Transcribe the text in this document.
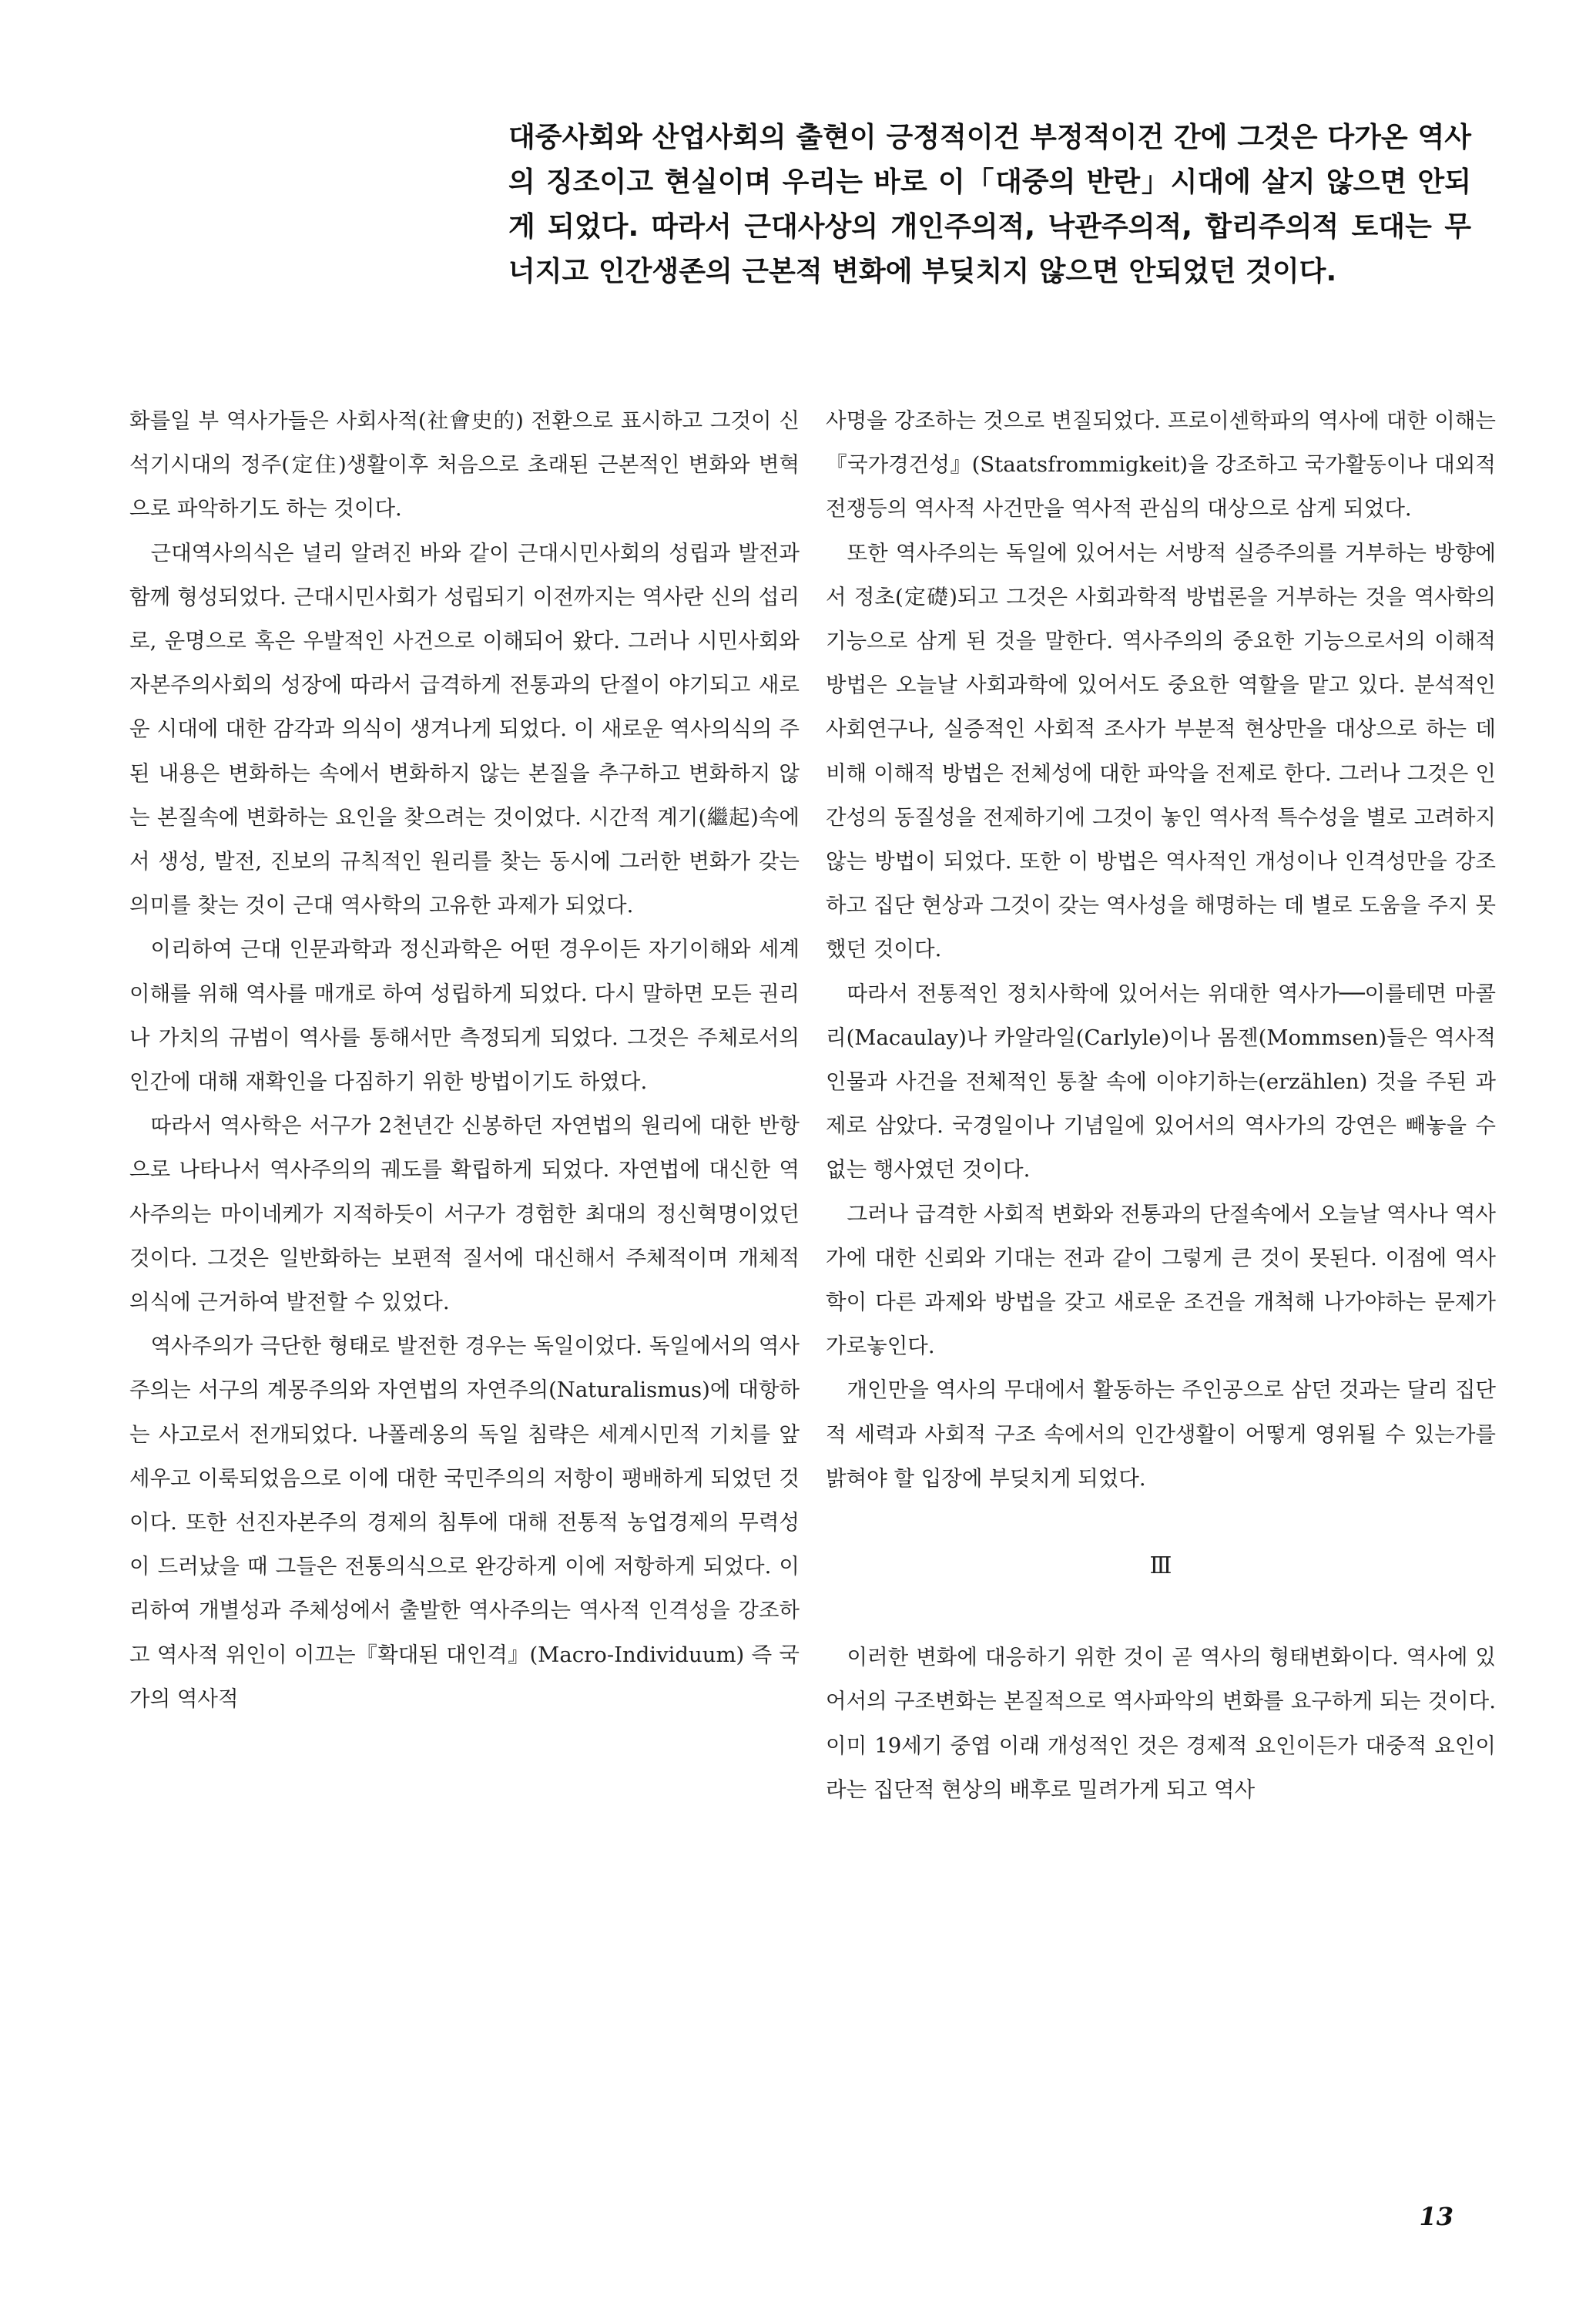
대중사회와 산업사회의 출현이 긍정적이건 부정적이건 간에 그것은 다가온 역사의 징조이고 현실이며 우리는 바로 이「대중의 반란」시대에 살지 않으면 안되게 되었다. 따라서 근대사상의 개인주의적, 낙관주의적, 합리주의적 토대는 무너지고 인간생존의 근본적 변화에 부딪치지 않으면 안되었던 것이다.

화를일 부 역사가들은 사회사적(社會史的) 전환으로 표시하고 그것이 신석기시대의 정주(定住)생활이후 처음으로 초래된 근본적인 변화와 변혁으로 파악하기도 하는 것이다.

근대역사의식은 널리 알려진 바와 같이 근대시민사회의 성립과 발전과 함께 형성되었다. 근대시민사회가 성립되기 이전까지는 역사란 신의 섭리로, 운명으로 혹은 우발적인 사건으로 이해되어 왔다. 그러나 시민사회와 자본주의사회의 성장에 따라서 급격하게 전통과의 단절이 야기되고 새로운 시대에 대한 감각과 의식이 생겨나게 되었다. 이 새로운 역사의식의 주된 내용은 변화하는 속에서 변화하지 않는 본질을 추구하고 변화하지 않는 본질속에 변화하는 요인을 찾으려는 것이었다. 시간적 계기(繼起)속에서 생성, 발전, 진보의 규칙적인 원리를 찾는 동시에 그러한 변화가 갖는 의미를 찾는 것이 근대 역사학의 고유한 과제가 되었다.

이리하여 근대 인문과학과 정신과학은 어떤 경우이든 자기이해와 세계이해를 위해 역사를 매개로 하여 성립하게 되었다. 다시 말하면 모든 권리나 가치의 규범이 역사를 통해서만 측정되게 되었다. 그것은 주체로서의 인간에 대해 재확인을 다짐하기 위한 방법이기도 하였다.

따라서 역사학은 서구가 2천년간 신봉하던 자연법의 원리에 대한 반항으로 나타나서 역사주의의 궤도를 확립하게 되었다. 자연법에 대신한 역사주의는 마이네케가 지적하듯이 서구가 경험한 최대의 정신혁명이었던 것이다. 그것은 일반화하는 보편적 질서에 대신해서 주체적이며 개체적 의식에 근거하여 발전할 수 있었다.

역사주의가 극단한 형태로 발전한 경우는 독일이었다. 독일에서의 역사주의는 서구의 계몽주의와 자연법의 자연주의(Naturalismus)에 대항하는 사고로서 전개되었다. 나폴레옹의 독일 침략은 세계시민적 기치를 앞세우고 이룩되었음으로 이에 대한 국민주의의 저항이 팽배하게 되었던 것이다. 또한 선진자본주의 경제의 침투에 대해 전통적 농업경제의 무력성이 드러났을 때 그들은 전통의식으로 완강하게 이에 저항하게 되었다. 이리하여 개별성과 주체성에서 출발한 역사주의는 역사적 인격성을 강조하고 역사적 위인이 이끄는『확대된 대인격』(Macro-Individuum) 즉 국가의 역사적

사명을 강조하는 것으로 변질되었다. 프로이센학파의 역사에 대한 이해는『국가경건성』(Staatsfrommigkeit)을 강조하고 국가활동이나 대외적 전쟁등의 역사적 사건만을 역사적 관심의 대상으로 삼게 되었다.

또한 역사주의는 독일에 있어서는 서방적 실증주의를 거부하는 방향에서 정초(定礎)되고 그것은 사회과학적 방법론을 거부하는 것을 역사학의 기능으로 삼게 된 것을 말한다. 역사주의의 중요한 기능으로서의 이해적 방법은 오늘날 사회과학에 있어서도 중요한 역할을 맡고 있다. 분석적인 사회연구나, 실증적인 사회적 조사가 부분적 현상만을 대상으로 하는 데 비해 이해적 방법은 전체성에 대한 파악을 전제로 한다. 그러나 그것은 인간성의 동질성을 전제하기에 그것이 놓인 역사적 특수성을 별로 고려하지 않는 방법이 되었다. 또한 이 방법은 역사적인 개성이나 인격성만을 강조하고 집단 현상과 그것이 갖는 역사성을 해명하는 데 별로 도움을 주지 못했던 것이다.

따라서 전통적인 정치사학에 있어서는 위대한 역사가──이를테면 마콜리(Macaulay)나 카알라일(Carlyle)이나 몸젠(Mommsen)들은 역사적 인물과 사건을 전체적인 통찰 속에 이야기하는(erzählen) 것을 주된 과제로 삼았다. 국경일이나 기념일에 있어서의 역사가의 강연은 빼놓을 수 없는 행사였던 것이다.

그러나 급격한 사회적 변화와 전통과의 단절속에서 오늘날 역사나 역사가에 대한 신뢰와 기대는 전과 같이 그렇게 큰 것이 못된다. 이점에 역사학이 다른 과제와 방법을 갖고 새로운 조건을 개척해 나가야하는 문제가 가로놓인다.

개인만을 역사의 무대에서 활동하는 주인공으로 삼던 것과는 달리 집단적 세력과 사회적 구조 속에서의 인간생활이 어떻게 영위될 수 있는가를 밝혀야 할 입장에 부딪치게 되었다.

Ⅲ

이러한 변화에 대응하기 위한 것이 곧 역사의 형태변화이다. 역사에 있어서의 구조변화는 본질적으로 역사파악의 변화를 요구하게 되는 것이다. 이미 19세기 중엽 이래 개성적인 것은 경제적 요인이든가 대중적 요인이라는 집단적 현상의 배후로 밀려가게 되고 역사

13
